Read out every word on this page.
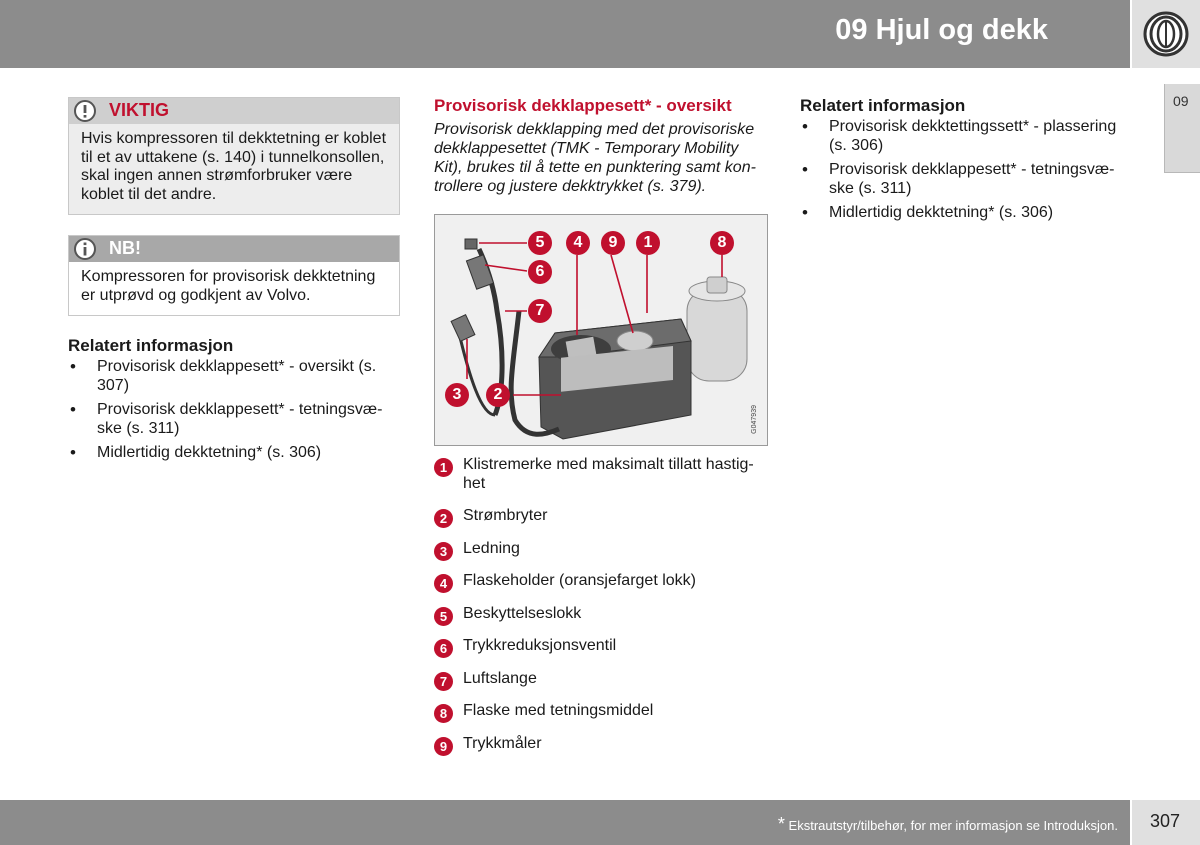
09 Hjul og dekk
09
VIKTIG
Hvis kompressoren til dekktetning er koblet til et av uttakene (s. 140) i tunnelkonsollen, skal ingen annen strømforbruker være koblet til det andre.
NB!
Kompressoren for provisorisk dekktetning er utprøvd og godkjent av Volvo.
Relatert informasjon
• Provisorisk dekklappesett* - oversikt (s. 307)
• Provisorisk dekklappesett* - tetningsvæske (s. 311)
• Midlertidig dekktetning* (s. 306)
Provisorisk dekklappesett* - oversikt

Provisorisk dekklapping med det provisoriske dekklappesettet (TMK - Temporary Mobility Kit), brukes til å tette en punktering samt kontrollere og justere dekktrykket (s. 379).

5	4	9	1	8
6
7
3	2
G047939
1 Klistremerke med maksimalt tillatt hastighet
2 Strømbryter
3 Ledning
4 Flaskeholder (oransjefarget lokk)
5 Beskyttelseslokk
6 Trykkreduksjonsventil
7 Luftslange
8 Flaske med tetningsmiddel
9 Trykkmåler
Relatert informasjon
• Provisorisk dekktettingssett* - plassering (s. 306)
• Provisorisk dekklappesett* - tetningsvæske (s. 311)
• Midlertidig dekktetning* (s. 306)
* Ekstrautstyr/tilbehør, for mer informasjon se Introduksjon. 307
